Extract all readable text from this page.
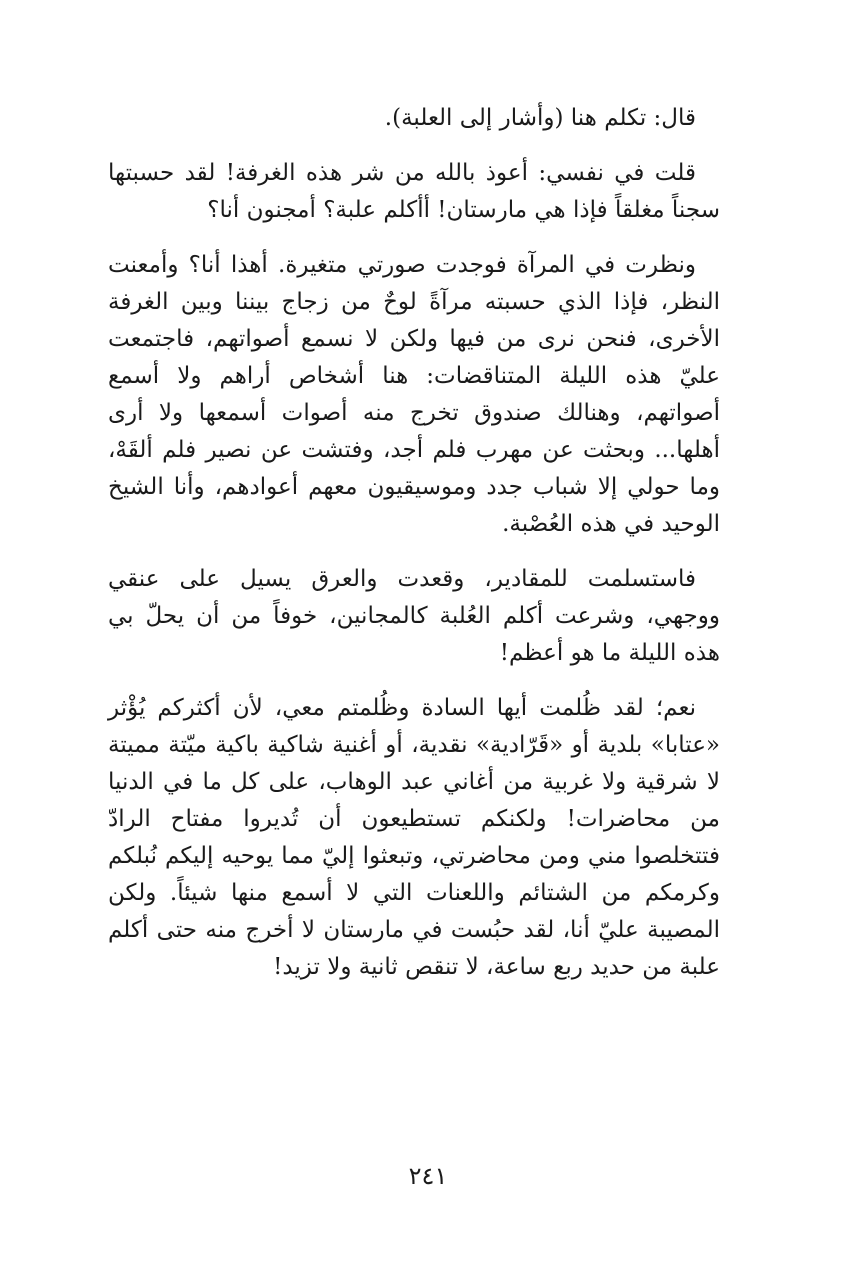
قال: تكلم هنا (وأشار إلى العلبة).

قلت في نفسي: أعوذ بالله من شر هذه الغرفة! لقد حسبتها سجناً مغلقاً فإذا هي مارستان! أأكلم علبة؟ أمجنون أنا؟

ونظرت في المرآة فوجدت صورتي متغيرة. أهذا أنا؟ وأمعنت النظر، فإذا الذي حسبته مرآةً لوحٌ من زجاج بيننا وبين الغرفة الأخرى، فنحن نرى من فيها ولكن لا نسمع أصواتهم، فاجتمعت عليّ هذه الليلة المتناقضات: هنا أشخاص أراهم ولا أسمع أصواتهم، وهنالك صندوق تخرج منه أصوات أسمعها ولا أرى أهلها... وبحثت عن مهرب فلم أجد، وفتشت عن نصير فلم ألقَهْ، وما حولي إلا شباب جدد وموسيقيون معهم أعوادهم، وأنا الشيخ الوحيد في هذه العُصْبة.

فاستسلمت للمقادير، وقعدت والعرق يسيل على عنقي ووجهي، وشرعت أكلم العُلبة كالمجانين، خوفاً من أن يحلّ بي هذه الليلة ما هو أعظم!

نعم؛ لقد ظُلمت أيها السادة وظُلمتم معي، لأن أكثركم يُؤْثر «عتابا» بلدية أو «قَرّادية» نقدية، أو أغنية شاكية باكية ميّتة مميتة لا شرقية ولا غربية من أغاني عبد الوهاب، على كل ما في الدنيا من محاضرات! ولكنكم تستطيعون أن تُديروا مفتاح الرادّ فتتخلصوا مني ومن محاضرتي، وتبعثوا إليّ مما يوحيه إليكم نُبلكم وكرمكم من الشتائم واللعنات التي لا أسمع منها شيئاً. ولكن المصيبة عليّ أنا، لقد حبُست في مارستان لا أخرج منه حتى أكلم علبة من حديد ربع ساعة، لا تنقص ثانية ولا تزيد!

٢٤١
